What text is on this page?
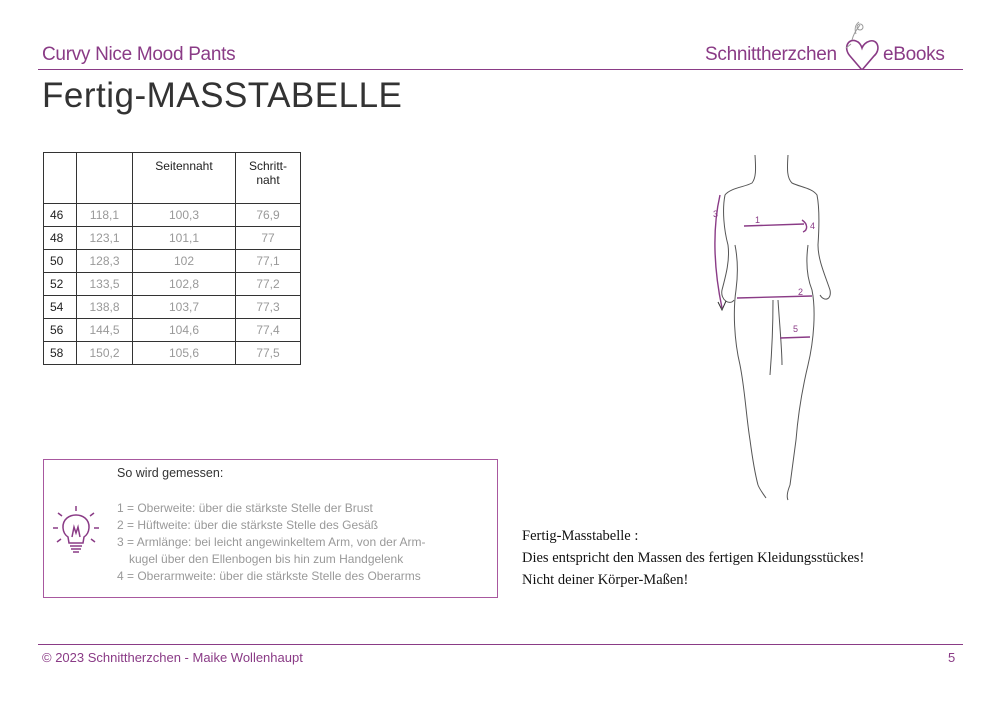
Curvy Nice Mood Pants	Schnittherzchen eBooks
Fertig-MASSTABELLE
		Seitennaht	Schritt-
naht
46	118,1	100,3	76,9
48	123,1	101,1	77
50	128,3	102	77,1
52	133,5	102,8	77,2
54	138,8	103,7	77,3
56	144,5	104,6	77,4
58	150,2	105,6	77,5
1
2
3
4
5
So wird gemessen:
1 = Oberweite: über die stärkste Stelle der Brust
2 = Hüftweite: über die stärkste Stelle des Gesäß
3 = Armlänge: bei leicht angewinkeltem Arm, von der Arm-
kugel über den Ellenbogen bis hin zum Handgelenk
4 = Oberarmweite: über die stärkste Stelle des Oberarms
Fertig-Masstabelle :
Dies entspricht den Massen des fertigen Kleidungsstückes!
Nicht deiner Körper-Maßen!
© 2023 Schnittherzchen - Maike Wollenhaupt	5
